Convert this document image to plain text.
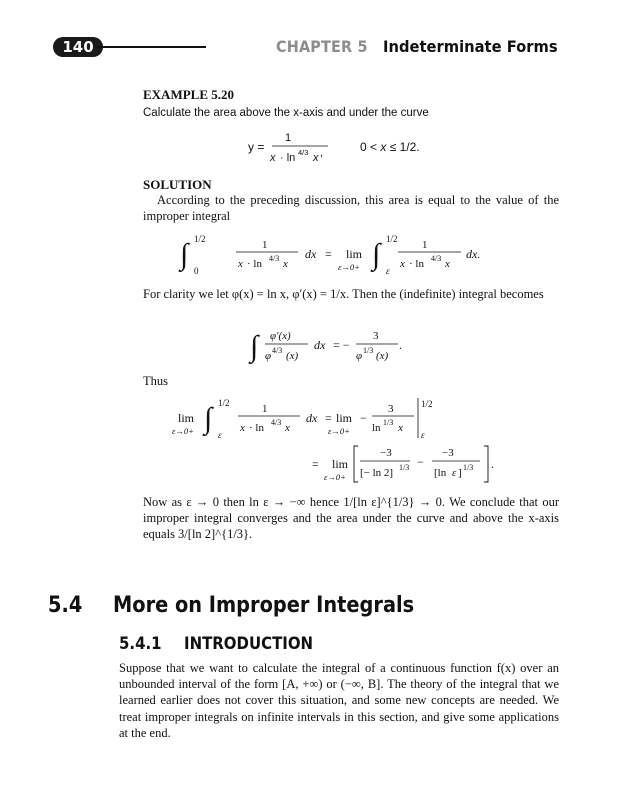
140	CHAPTER 5 Indeterminate Forms
EXAMPLE 5.20
Calculate the area above the x-axis and under the curve
y =
1
x · ln 4/3 x ,	0 < x ≤ 1/2.
SOLUTION
According to the preceding discussion, this area is equal to the value of the improper integral
∫ 1/2
0
1
x · ln 4/3 x
dx = lim
ε→0+ ∫ 1/2
ε
1
x · ln 4/3 x
dx.
For clarity we let φ(x) = ln x, φ′(x) = 1/x. Then the (indefinite) integral becomes
∫ φ′(x)
φ 4/3 (x)
dx = −
3
φ 1/3 (x)
.
Thus
lim
ε→0+ ∫ 1/2
ε
1
x · ln 4/3 x
dx = lim
ε→0+
−
3
ln 1/3 x
1/2
ε
= lim
ε→0+
−3
[− ln 2] 1/3 −
−3
[ln ε ] 1/3 .
Now as ε → 0 then ln ε → −∞ hence 1/[ln ε]^{1/3} → 0. We conclude that our improper integral converges and the area under the curve and above the x-axis equals 3/[ln 2]^{1/3}.
5.4 More on Improper Integrals
5.4.1 INTRODUCTION
Suppose that we want to calculate the integral of a continuous function f(x) over an unbounded interval of the form [A, +∞) or (−∞, B]. The theory of the integral that we learned earlier does not cover this situation, and some new concepts are needed. We treat improper integrals on infinite intervals in this section, and give some applications at the end.
